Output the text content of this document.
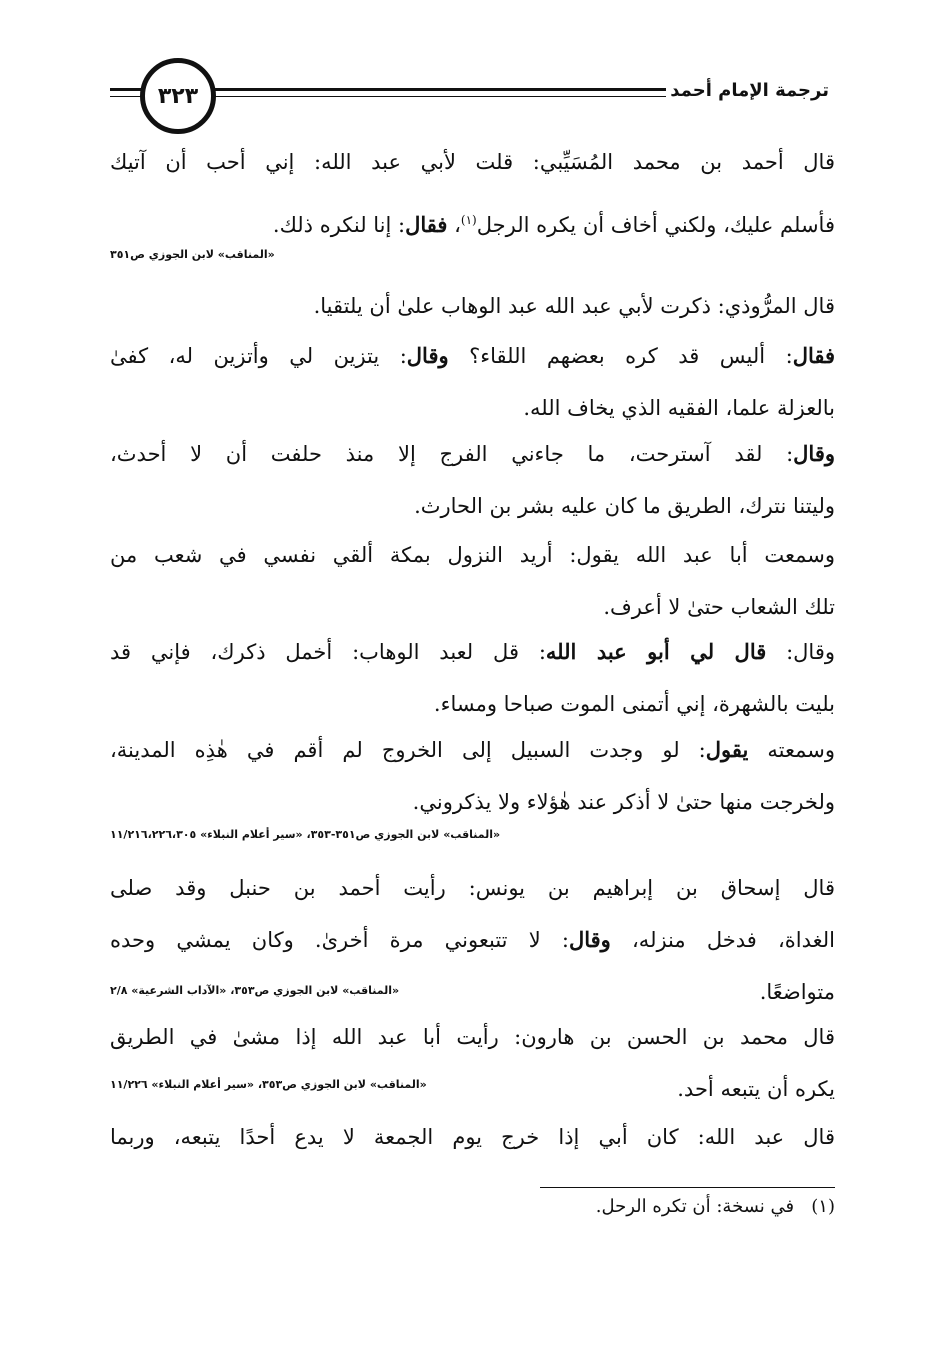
ترجمة الإمام أحمد
٣٢٣
قال أحمد بن محمد المُسَيِّبي: قلت لأبي عبد الله: إني أحب أن آتيك
فأسلم عليك، ولكني أخاف أن يكره الرجل$^{(١)}$، فقال: إنا لنكره ذلك.
«المناقب» لابن الجوزي ص٣٥١
قال المرُّوذي: ذكرت لأبي عبد الله عبد الوهاب علىٰ أن يلتقيا.
فقال: أليس قد كره بعضهم اللقاء؟ وقال: يتزين لي وأتزين له، كفىٰ
بالعزلة علما، الفقيه الذي يخاف الله.
وقال: لقد آسترحت، ما جاءني الفرج إلا منذ حلفت أن لا أحدث،
وليتنا نترك، الطريق ما كان عليه بشر بن الحارث.
وسمعت أبا عبد الله يقول: أريد النزول بمكة ألقي نفسي في شعب من
تلك الشعاب حتىٰ لا أعرف.
وقال: قال لي أبو عبد الله: قل لعبد الوهاب: أخمل ذكرك، فإني قد
بليت بالشهرة، إني أتمنى الموت صباحا ومساء.
وسمعته يقول: لو وجدت السبيل إلى الخروج لم أقم في هٰذِه المدينة،
ولخرجت منها حتىٰ لا أذكر عند هٰؤلاء ولا يذكروني.
«المناقب» لابن الجوزي ص٣٥١-٣٥٣، «سير أعلام النبلاء» ١١/٢١٦،٢٢٦،٣٠٥
قال إسحاق بن إبراهيم بن يونس: رأيت أحمد بن حنبل وقد صلى
الغداة، فدخل منزله، وقال: لا تتبعوني مرة أخرىٰ. وكان يمشي وحده
متواضعًا.
«المناقب» لابن الجوزي ص٣٥٣، «الآداب الشرعية» ٢/٨
قال محمد بن الحسن بن هارون: رأيت أبا عبد الله إذا مشىٰ في الطريق
يكره أن يتبعه أحد.
«المناقب» لابن الجوزي ص٣٥٣، «سير أعلام النبلاء» ١١/٢٢٦
قال عبد الله: كان أبي إذا خرج يوم الجمعة لا يدع أحدًا يتبعه، وربما
(١)   في نسخة: أن تكره الرحل.
